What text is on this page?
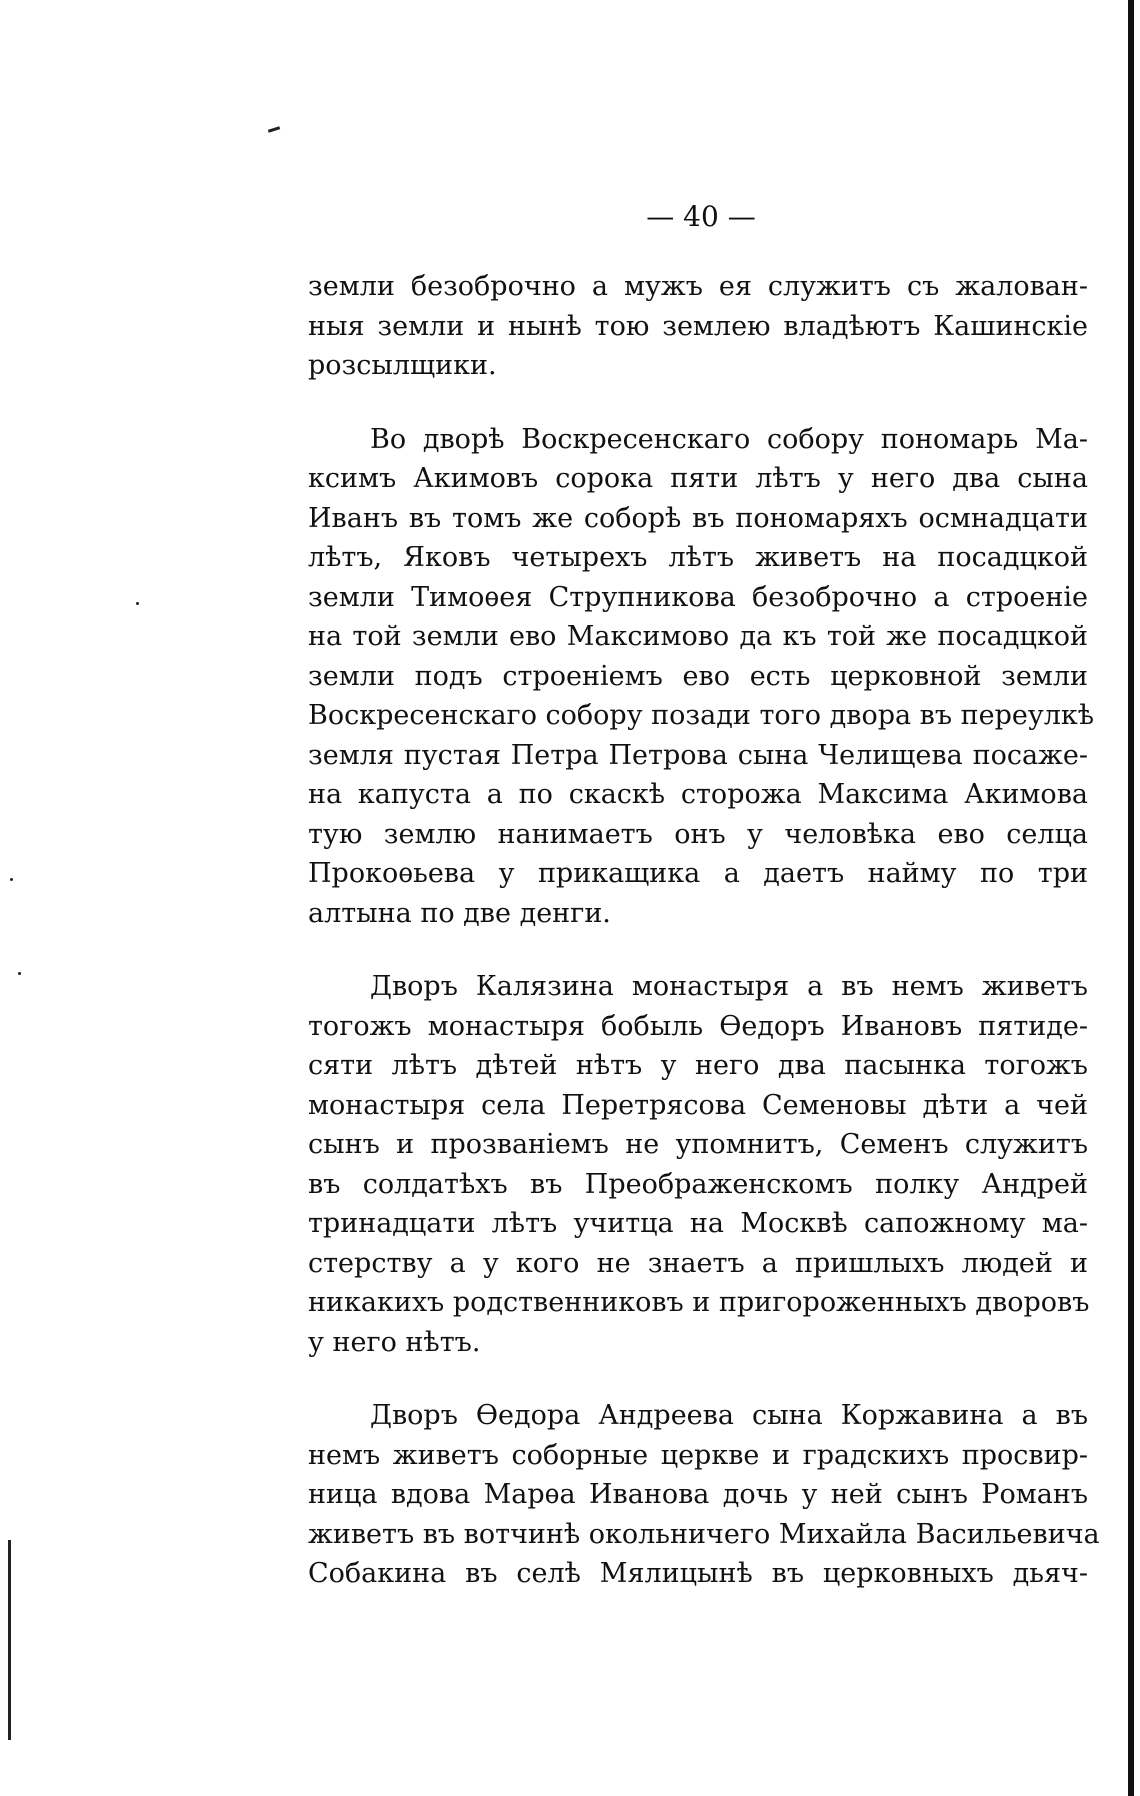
— 40 —
земли безоброчно а мужъ ея служитъ съ жалован-
ныя земли и нынѣ тою землею владѣютъ Кашинскіе
розсылщики.
Во дворѣ Воскресенскаго собору пономарь Ма-
ксимъ Акимовъ сорока пяти лѣтъ у него два сына
Иванъ въ томъ же соборѣ въ пономаряхъ осмнадцати
лѣтъ, Яковъ четырехъ лѣтъ живетъ на посадцкой
земли Тимоѳея Струпникова безоброчно а строеніе
на той земли ево Максимово да къ той же посадцкой
земли подъ строеніемъ ево есть церковной земли
Воскресенскаго собору позади того двора въ переулкѣ
земля пустая Петра Петрова сына Челищева посаже-
на капуста а по скаскѣ сторожа Максима Акимова
тую землю нанимаетъ онъ у человѣка ево селца
Прокоѳьева у прикащика а даетъ найму по три
алтына по две денги.
Дворъ Калязина монастыря а въ немъ живетъ
тогожъ монастыря бобыль Ѳедоръ Ивановъ пятиде-
сяти лѣтъ дѣтей нѣтъ у него два пасынка тогожъ
монастыря села Перетрясова Семеновы дѣти а чей
сынъ и прозваніемъ не упомнитъ, Семенъ служитъ
въ солдатѣхъ въ Преображенскомъ полку Андрей
тринадцати лѣтъ учитца на Москвѣ сапожному ма-
стерству а у кого не знаетъ а пришлыхъ людей и
никакихъ родственниковъ и пригороженныхъ дворовъ
у него нѣтъ.
Дворъ Ѳедора Андреева сына Коржавина а въ
немъ живетъ соборные церкве и градскихъ просвир-
ница вдова Марѳа Иванова дочь у ней сынъ Романъ
живетъ въ вотчинѣ окольничего Михайла Васильевича
Собакина въ селѣ Мялицынѣ въ церковныхъ дьяч-
